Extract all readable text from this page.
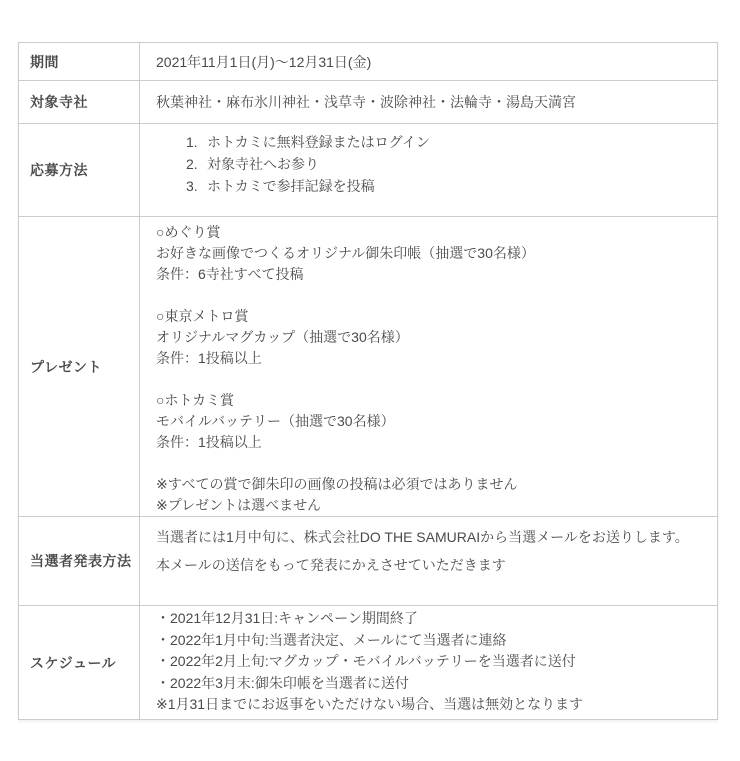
期間	2021年11月1日(月)～12月31日(金)
対象寺社	秋葉神社・麻布氷川神社・浅草寺・波除神社・法輪寺・湯島天満宮
応募方法
1. ホトカミに無料登録またはログイン
2. 対象寺社へお参り
3. ホトカミで参拝記録を投稿
プレゼント
○めぐり賞
お好きな画像でつくるオリジナル御朱印帳（抽選で30名様）
条件：6寺社すべて投稿
○東京メトロ賞
オリジナルマグカップ（抽選で30名様）
条件：1投稿以上
○ホトカミ賞
モバイルバッテリー（抽選で30名様）
条件：1投稿以上
※すべての賞で御朱印の画像の投稿は必須ではありません
※プレゼントは選べません
当選者発表方法
当選者には1月中旬に、株式会社DO THE SAMURAIから当選メールをお送りします。
本メールの送信をもって発表にかえさせていただきます
スケジュール
・2021年12月31日:キャンペーン期間終了
・2022年1月中旬:当選者決定、メールにて当選者に連絡
・2022年2月上旬:マグカップ・モバイルバッテリーを当選者に送付
・2022年3月末:御朱印帳を当選者に送付
※1月31日までにお返事をいただけない場合、当選は無効となります
